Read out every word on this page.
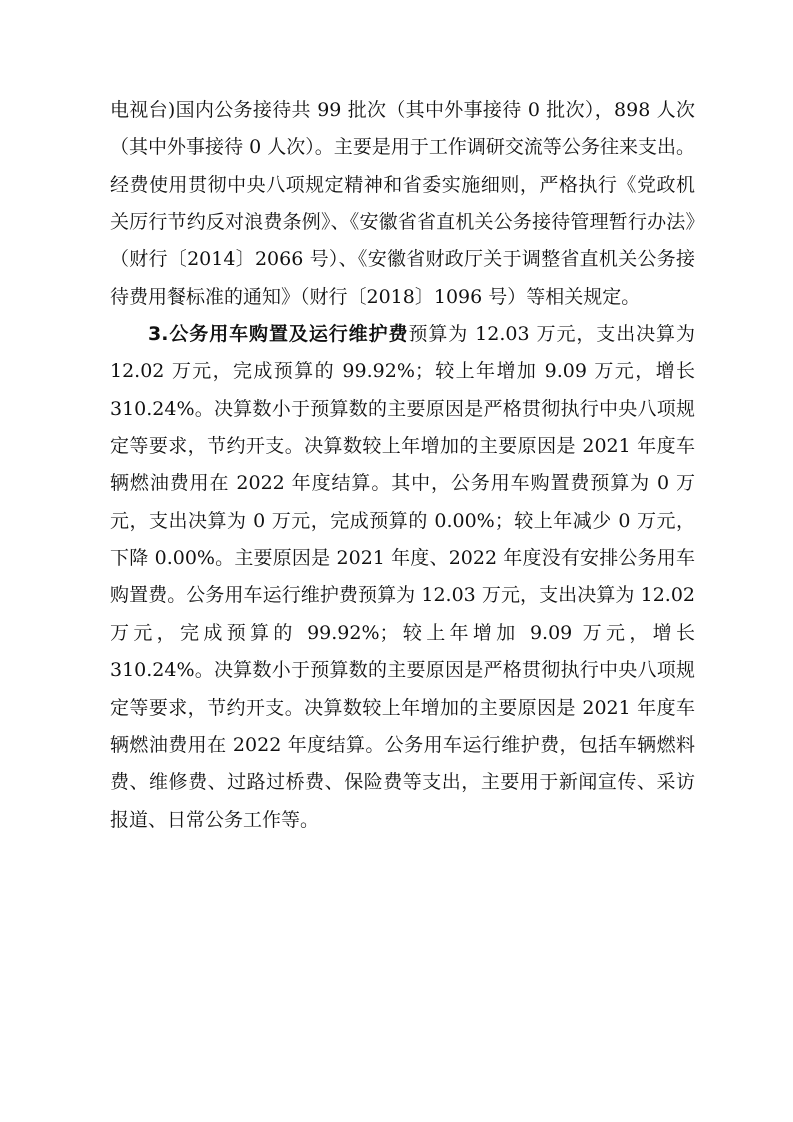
电视台)国内公务接待共 99 批次（其中外事接待 0 批次），898 人次（其中外事接待 0 人次）。主要是用于工作调研交流等公务往来支出。经费使用贯彻中央八项规定精神和省委实施细则，严格执行《党政机关厉行节约反对浪费条例》、《安徽省省直机关公务接待管理暂行办法》（财行〔2014〕2066 号）、《安徽省财政厅关于调整省直机关公务接待费用餐标准的通知》（财行〔2018〕1096 号）等相关规定。

3.公务用车购置及运行维护费预算为 12.03 万元，支出决算为 12.02 万元，完成预算的 99.92%；较上年增加 9.09 万元，增长 310.24%。决算数小于预算数的主要原因是严格贯彻执行中央八项规定等要求，节约开支。决算数较上年增加的主要原因是 2021 年度车辆燃油费用在 2022 年度结算。其中，公务用车购置费预算为 0 万元，支出决算为 0 万元，完成预算的 0.00%；较上年减少 0 万元，下降 0.00%。主要原因是 2021 年度、2022 年度没有安排公务用车购置费。公务用车运行维护费预算为 12.03 万元，支出决算为 12.02 万元，完成预算的 99.92%；较上年增加 9.09 万元，增长 310.24%。决算数小于预算数的主要原因是严格贯彻执行中央八项规定等要求，节约开支。决算数较上年增加的主要原因是 2021 年度车辆燃油费用在 2022 年度结算。公务用车运行维护费，包括车辆燃料费、维修费、过路过桥费、保险费等支出，主要用于新闻宣传、采访报道、日常公务工作等。
